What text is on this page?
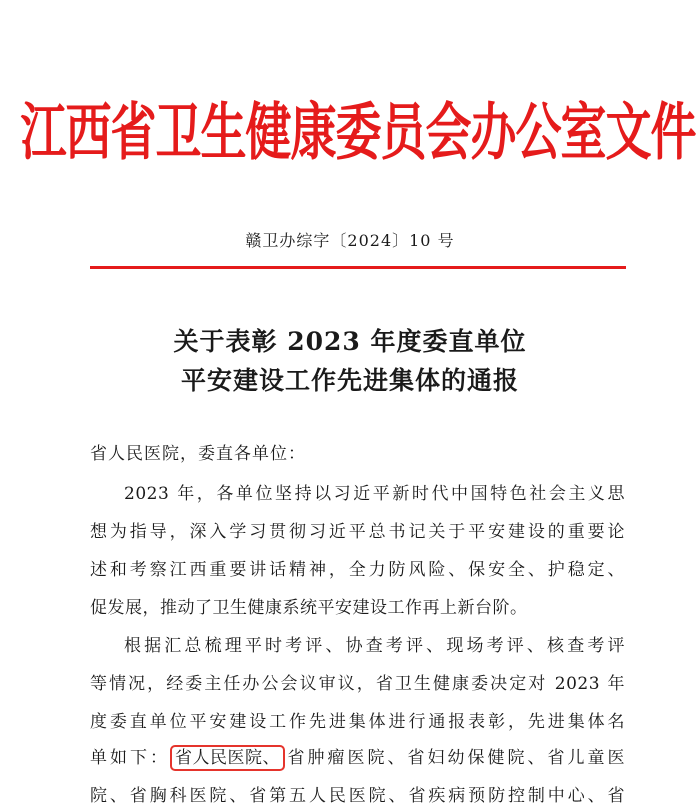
江西省卫生健康委员会办公室文件
赣卫办综字〔2024〕10 号
关于表彰 2023 年度委直单位
平安建设工作先进集体的通报
省人民医院，委直各单位：
2023 年，各单位坚持以习近平新时代中国特色社会主义思
想为指导，深入学习贯彻习近平总书记关于平安建设的重要论
述和考察江西重要讲话精神，全力防风险、保安全、护稳定、
促发展，推动了卫生健康系统平安建设工作再上新台阶。
根据汇总梳理平时考评、协查考评、现场考评、核查考评
等情况，经委主任办公会议审议，省卫生健康委决定对 2023 年
度委直单位平安建设工作先进集体进行通报表彰，先进集体名
单如下： 省人民医院、 省肿瘤医院、省妇幼保健院、省儿童医
院、省胸科医院、省第五人民医院、省疾病预防控制中心、省
